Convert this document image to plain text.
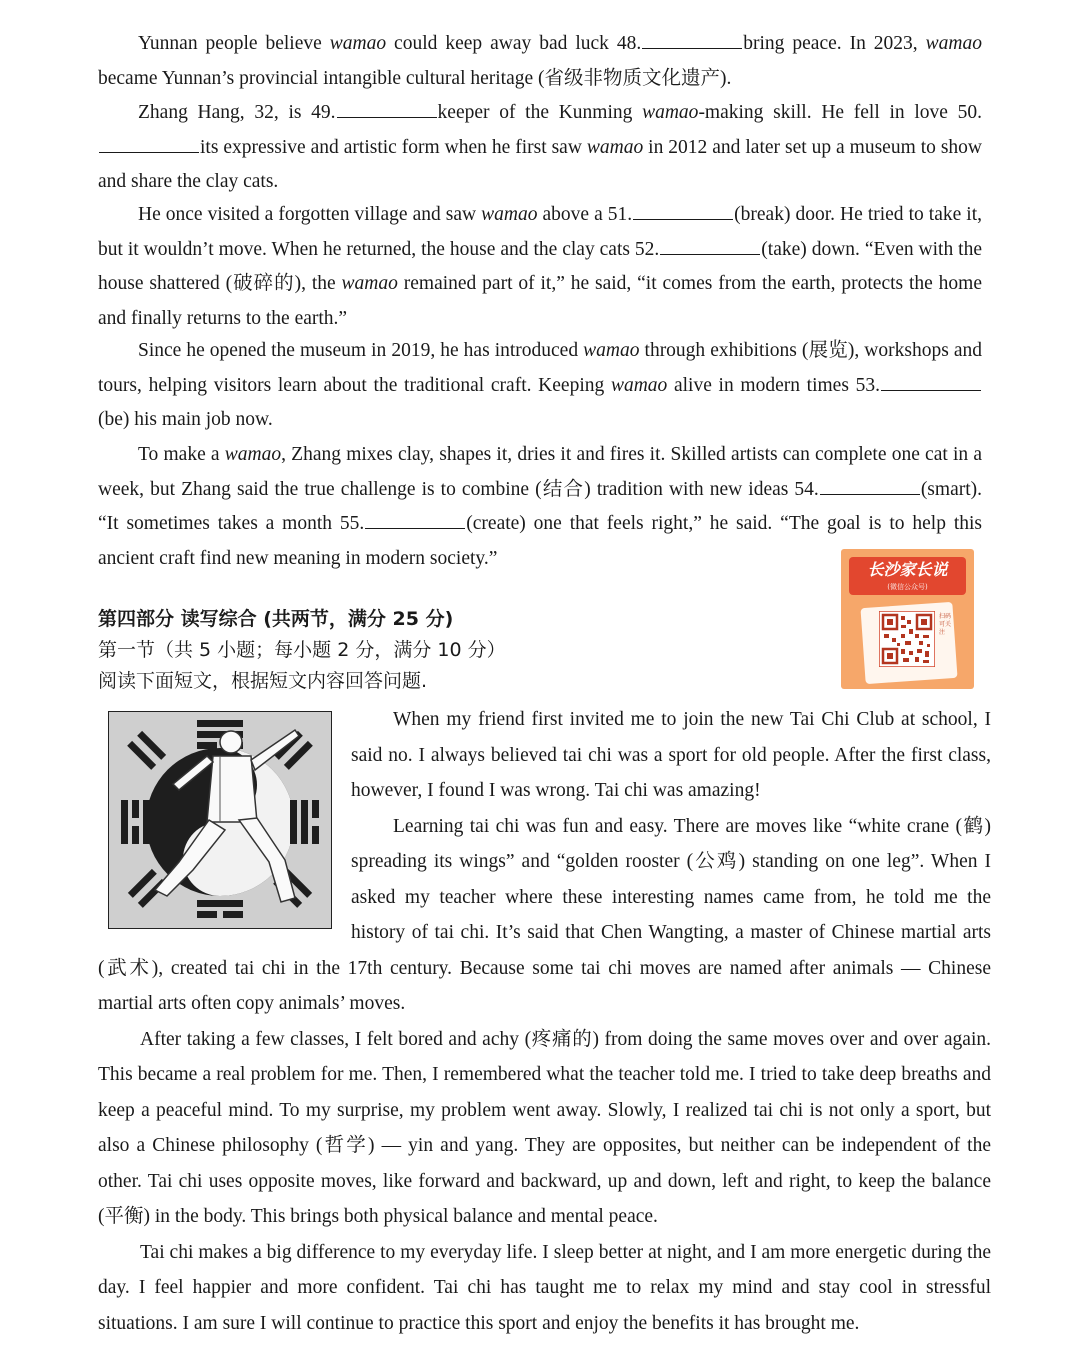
Yunnan people believe wamao could keep away bad luck 48.	bring peace. In 2023, wamao became Yunnan’s provincial intangible cultural heritage (省级非物质文化遗产).

Zhang Hang, 32, is 49.	keeper of the Kunming wamao-making skill. He fell in love 50.its expressive and artistic form when he first saw wamao in 2012 and later set up a museum to show and share the clay cats.

He once visited a forgotten village and saw wamao above a 51.	(break) door. He tried to take it, but it wouldn’t move. When he returned, the house and the clay cats 52.	(take) down. “Even with the house shattered (破碎的), the wamao remained part of it,” he said, “it comes from the earth, protects the home and finally returns to the earth.”

Since he opened the museum in 2019, he has introduced wamao through exhibitions (展览), workshops and tours, helping visitors learn about the traditional craft. Keeping wamao alive in modern times 53.(be) his main job now.

To make a wamao, Zhang mixes clay, shapes it, dries it and fires it. Skilled artists can complete one cat in a week, but Zhang said the true challenge is to combine (结合) tradition with new ideas 54.	(smart). “It sometimes takes a month 55.	(create) one that feels right,” he said. “The goal is to help this ancient craft find new meaning in modern society.”

长沙家长说
(微信公众号)
扫码可关注

第四部分 读写综合 (共两节，满分 25 分)

第一节（共 5 小题；每小题 2 分，满分 10 分）

阅读下面短文，根据短文内容回答问题.

When my friend first invited me to join the new Tai Chi Club at school, I said no. I always believed tai chi was a sport for old people. After the first class, however, I found I was wrong. Tai chi was amazing!

Learning tai chi was fun and easy. There are moves like “white crane (鹤) spreading its wings” and “golden rooster (公鸡) standing on one leg”. When I asked my teacher where these interesting names came from, he told me the history of tai chi. It’s said that Chen Wangting, a master of Chinese martial arts (武术), created tai chi in the 17th century. Because some tai chi moves are named after animals — Chinese martial arts often copy animals’ moves.

After taking a few classes, I felt bored and achy (疼痛的) from doing the same moves over and over again. This became a real problem for me. Then, I remembered what the teacher told me. I tried to take deep breaths and keep a peaceful mind. To my surprise, my problem went away. Slowly, I realized tai chi is not only a sport, but also a Chinese philosophy (哲学) — yin and yang. They are opposites, but neither can be independent of the other. Tai chi uses opposite moves, like forward and backward, up and down, left and right, to keep the balance (平衡) in the body. This brings both physical balance and mental peace.

Tai chi makes a big difference to my everyday life. I sleep better at night, and I am more energetic during the day. I feel happier and more confident. Tai chi has taught me to relax my mind and stay cool in stressful situations. I am sure I will continue to practice this sport and enjoy the benefits it has brought me.
